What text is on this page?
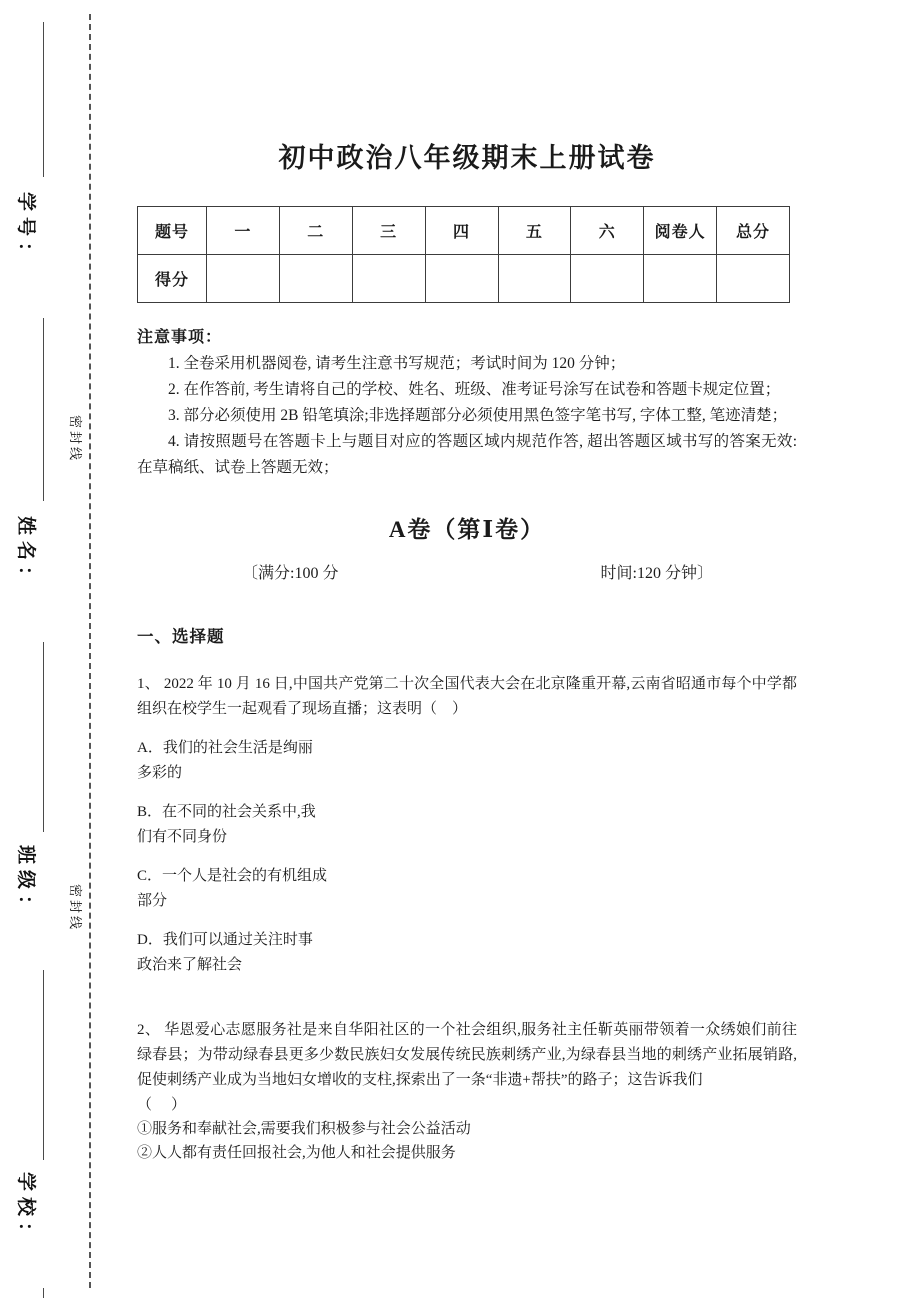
学号：
姓名：
班级：
学校：
密封线
密封线
初中政治八年级期末上册试卷
题号	一	二	三	四	五	六	阅卷人	总分
得分								
注意事项：
1. 全卷采用机器阅卷, 请考生注意书写规范；考试时间为 120 分钟；
2. 在作答前, 考生请将自己的学校、姓名、班级、准考证号涂写在试卷和答题卡规定位置；
3. 部分必须使用 2B 铅笔填涂;非选择题部分必须使用黑色签字笔书写, 字体工整, 笔迹清楚；
4. 请按照题号在答题卡上与题目对应的答题区域内规范作答, 超出答题区域书写的答案无效:在草稿纸、试卷上答题无效；
A卷（第Ⅰ卷）
〔满分:100 分	时间:120 分钟〕
一、选择题
1、 2022 年 10 月 16 日,中国共产党第二十次全国代表大会在北京隆重开幕,云南省昭通市每个中学都组织在校学生一起观看了现场直播；这表明（　）
A．我们的社会生活是绚丽多彩的
B．在不同的社会关系中,我们有不同身份
C．一个人是社会的有机组成部分
D．我们可以通过关注时事政治来了解社会
2、 华恩爱心志愿服务社是来自华阳社区的一个社会组织,服务社主任靳英丽带领着一众绣娘们前往绿春县；为带动绿春县更多少数民族妇女发展传统民族刺绣产业,为绿春县当地的刺绣产业拓展销路,促使刺绣产业成为当地妇女增收的支柱,探索出了一条“非遗+帮扶”的路子；这告诉我们
（　）
①服务和奉献社会,需要我们积极参与社会公益活动
②人人都有责任回报社会,为他人和社会提供服务
